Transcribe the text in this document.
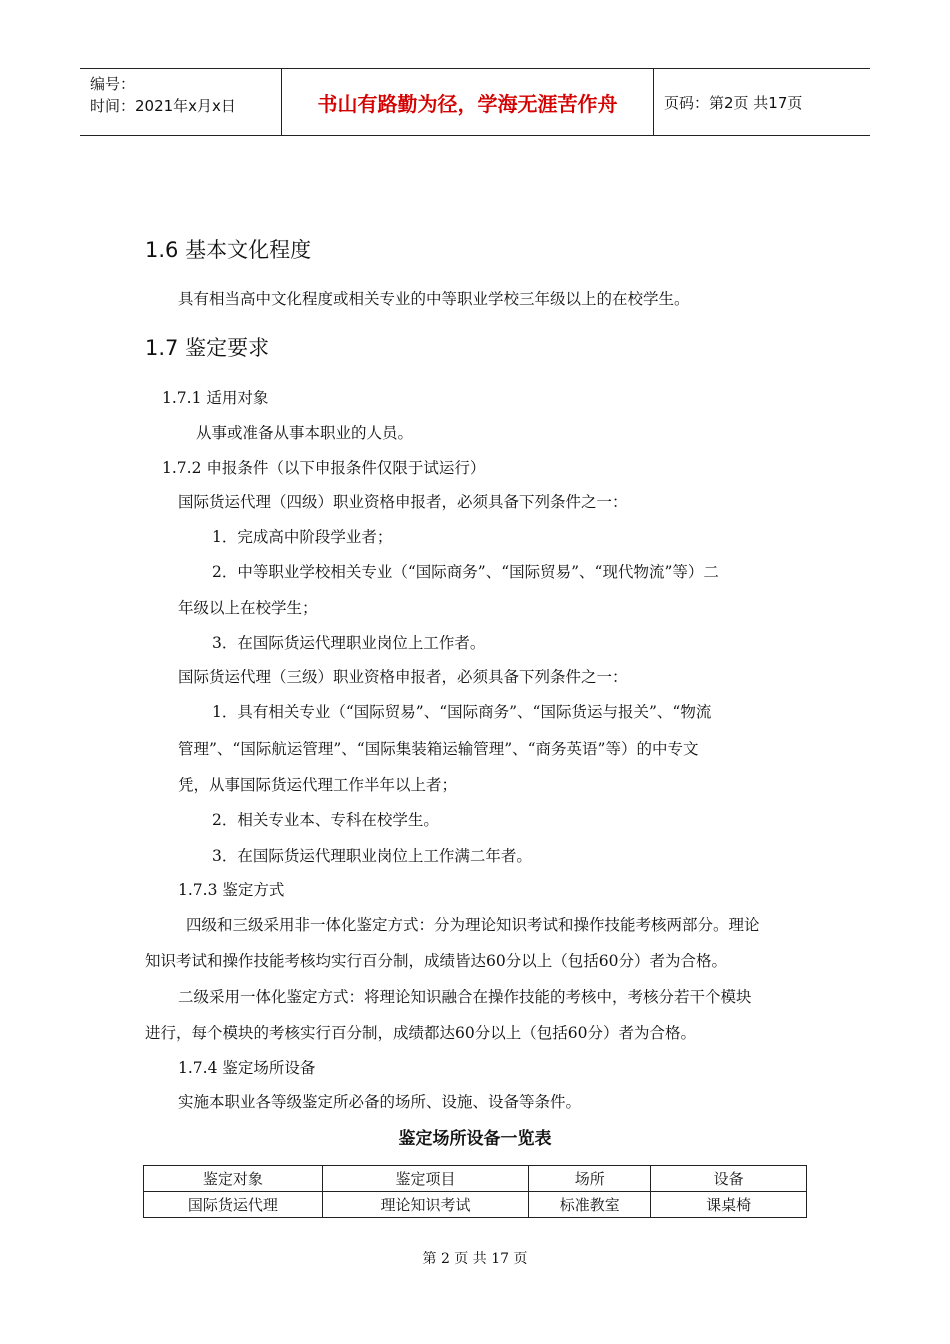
编号：
时间：2021年x月x日	书山有路勤为径，学海无涯苦作舟	页码：第2页 共17页
1.6 基本文化程度
具有相当高中文化程度或相关专业的中等职业学校三年级以上的在校学生。
1.7 鉴定要求
1.7.1 适用对象
从事或准备从事本职业的人员。
1.7.2 申报条件（以下申报条件仅限于试运行）
国际货运代理（四级）职业资格申报者，必须具备下列条件之一：
1．完成高中阶段学业者；
2．中等职业学校相关专业（“国际商务”、“国际贸易”、“现代物流”等）二
年级以上在校学生；
3．在国际货运代理职业岗位上工作者。
国际货运代理（三级）职业资格申报者，必须具备下列条件之一：
1．具有相关专业（“国际贸易”、“国际商务”、“国际货运与报关”、“物流
管理”、“国际航运管理”、“国际集装箱运输管理”、“商务英语”等）的中专文
凭，从事国际货运代理工作半年以上者；
2．相关专业本、专科在校学生。
3．在国际货运代理职业岗位上工作满二年者。
1.7.3 鉴定方式
四级和三级采用非一体化鉴定方式：分为理论知识考试和操作技能考核两部分。理论
知识考试和操作技能考核均实行百分制，成绩皆达60分以上（包括60分）者为合格。
二级采用一体化鉴定方式：将理论知识融合在操作技能的考核中，考核分若干个模块
进行，每个模块的考核实行百分制，成绩都达60分以上（包括60分）者为合格。
1.7.4 鉴定场所设备
实施本职业各等级鉴定所必备的场所、设施、设备等条件。
鉴定场所设备一览表
鉴定对象	鉴定项目	场所	设备
国际货运代理	理论知识考试	标准教室	课桌椅
第 2 页 共 17 页
